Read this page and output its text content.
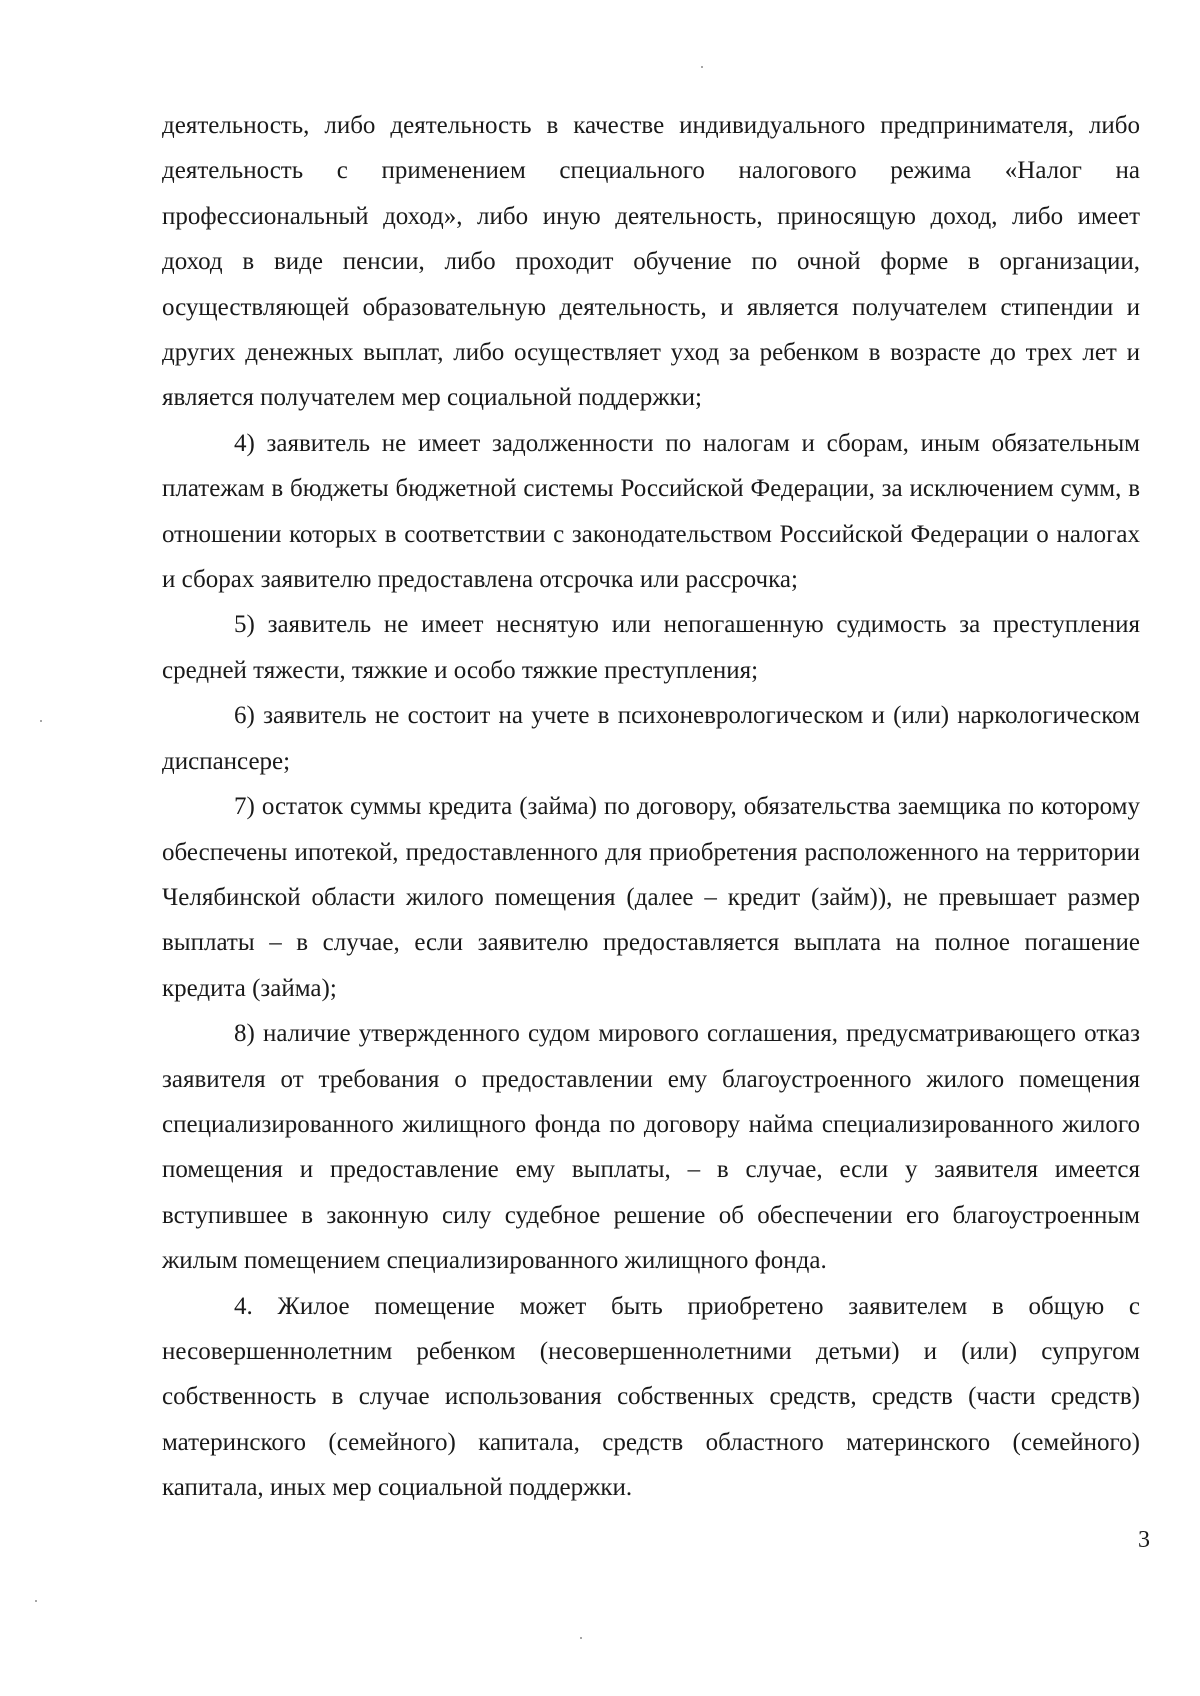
деятельность, либо деятельность в качестве индивидуального предпринимателя, либо деятельность с применением специального налогового режима «Налог на профессиональный доход», либо иную деятельность, приносящую доход, либо имеет доход в виде пенсии, либо проходит обучение по очной форме в организации, осуществляющей образовательную деятельность, и является получателем стипендии и других денежных выплат, либо осуществляет уход за ребенком в возрасте до трех лет и является получателем мер социальной поддержки;

4) заявитель не имеет задолженности по налогам и сборам, иным обязательным платежам в бюджеты бюджетной системы Российской Федерации, за исключением сумм, в отношении которых в соответствии с законодательством Российской Федерации о налогах и сборах заявителю предоставлена отсрочка или рассрочка;

5) заявитель не имеет неснятую или непогашенную судимость за преступления средней тяжести, тяжкие и особо тяжкие преступления;

6) заявитель не состоит на учете в психоневрологическом и (или) наркологическом диспансере;

7) остаток суммы кредита (займа) по договору, обязательства заемщика по которому обеспечены ипотекой, предоставленного для приобретения расположенного на территории Челябинской области жилого помещения (далее – кредит (займ)), не превышает размер выплаты – в случае, если заявителю предоставляется выплата на полное погашение кредита (займа);

8) наличие утвержденного судом мирового соглашения, предусматривающего отказ заявителя от требования о предоставлении ему благоустроенного жилого помещения специализированного жилищного фонда по договору найма специализированного жилого помещения и предоставление ему выплаты, – в случае, если у заявителя имеется вступившее в законную силу судебное решение об обеспечении его благоустроенным жилым помещением специализированного жилищного фонда.

4. Жилое помещение может быть приобретено заявителем в общую с несовершеннолетним ребенком (несовершеннолетними детьми) и (или) супругом собственность в случае использования собственных средств, средств (части средств) материнского (семейного) капитала, средств областного материнского (семейного) капитала, иных мер социальной поддержки.

3
